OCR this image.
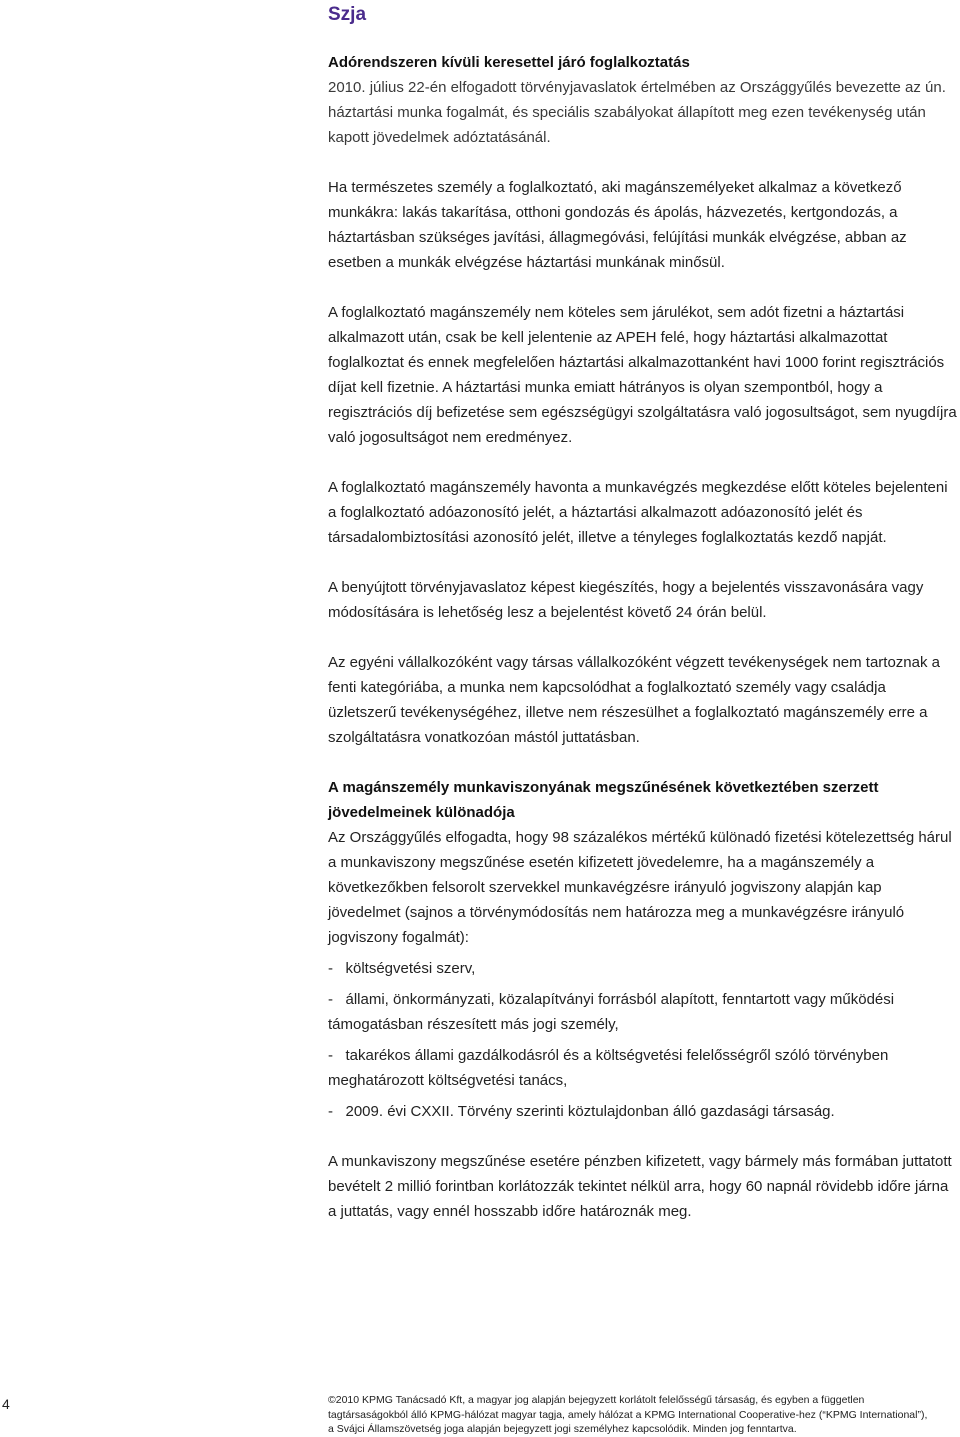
Szja

Adórendszeren kívüli keresettel járó foglalkoztatás

2010. július 22-én elfogadott törvényjavaslatok értelmében az Országgyűlés bevezette az ún. háztartási munka fogalmát, és speciális szabályokat állapított meg ezen tevékenység után kapott jövedelmek adóztatásánál.

Ha természetes személy a foglalkoztató, aki magánszemélyeket alkalmaz a következő munkákra: lakás takarítása, otthoni gondozás és ápolás, házvezetés, kertgondozás, a háztartásban szükséges javítási, állagmegóvási, felújítási munkák elvégzése, abban az esetben a munkák elvégzése háztartási munkának minősül.

A foglalkoztató magánszemély nem köteles sem járulékot, sem adót fizetni a háztartási alkalmazott után, csak be kell jelentenie az APEH felé, hogy háztartási alkalmazottat foglalkoztat és ennek megfelelően háztartási alkalmazottanként havi 1000 forint regisztrációs díjat kell fizetnie. A háztartási munka emiatt hátrányos is olyan szempontból, hogy a regisztrációs díj befizetése sem egészségügyi szolgáltatásra való jogosultságot, sem nyugdíjra való jogosultságot nem eredményez.

A foglalkoztató magánszemély havonta a munkavégzés megkezdése előtt köteles bejelenteni a foglalkoztató adóazonosító jelét, a háztartási alkalmazott adóazonosító jelét és társadalombiztosítási azonosító jelét, illetve a tényleges foglalkoztatás kezdő napját.

A benyújtott törvényjavaslatoz képest kiegészítés, hogy a bejelentés visszavonására vagy módosítására is lehetőség lesz a bejelentést követő 24 órán belül.

Az egyéni vállalkozóként vagy társas vállalkozóként végzett tevékenységek nem tartoznak a fenti kategóriába, a munka nem kapcsolódhat a foglalkoztató személy vagy családja üzletszerű tevékenységéhez, illetve nem részesülhet a foglalkoztató magánszemély erre a szolgáltatásra vonatkozóan mástól juttatásban.

A magánszemély munkaviszonyának megszűnésének következtében szerzett jövedelmeinek különadója

Az Országgyűlés elfogadta, hogy 98 százalékos mértékű különadó fizetési kötelezettség hárul a munkaviszony megszűnése esetén kifizetett jövedelemre, ha a magánszemély a következőkben felsorolt szervekkel munkavégzésre irányuló jogviszony alapján kap jövedelmet (sajnos a törvénymódosítás nem határozza meg a munkavégzésre irányuló jogviszony fogalmát):

-   költségvetési szerv,

-   állami, önkormányzati, közalapítványi forrásból alapított, fenntartott vagy működési támogatásban részesített más jogi személy,

-   takarékos állami gazdálkodásról és a költségvetési felelősségről szóló törvényben meghatározott költségvetési tanács,

-   2009. évi CXXII. Törvény szerinti köztulajdonban álló gazdasági társaság.

A munkaviszony megszűnése esetére pénzben kifizetett, vagy bármely más formában juttatott bevételt 2 millió forintban korlátozzák tekintet nélkül arra, hogy 60 napnál rövidebb időre járna a juttatás, vagy ennél hosszabb időre határoznák meg.

4	©2010 KPMG Tanácsadó Kft, a magyar jog alapján bejegyzett korlátolt felelősségű társaság, és egyben a független tagtársaságokból álló KPMG-hálózat magyar tagja, amely hálózat a KPMG International Cooperative-hez (“KPMG International”), a Svájci Államszövetség joga alapján bejegyzett jogi személyhez kapcsolódik. Minden jog fenntartva.
